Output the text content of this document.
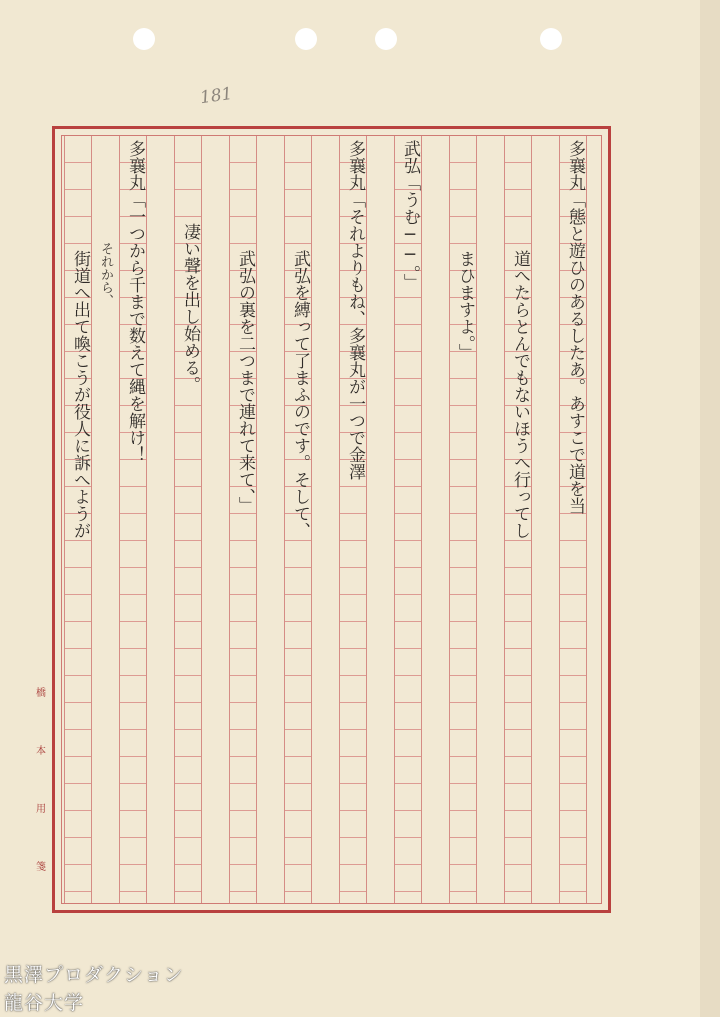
181
多襄丸「態と遊ひのあるしたあ。あすこで道を当
道へたらとんでもないほうへ行ってし
まひますよ。」
武弘「うむ──。」
多襄丸「それよりもね、多襄丸が一つで金澤
武弘を縛って了まふのです。そして、
武弘の裏を二つまで連れて来て、」
凄い聲を出し始める。
多襄丸「一つから千まで数えて縄を解け！
街道へ出て喚こうが役人に訴へようが それから、
橋
本
用
箋
黒澤プロダクション
龍谷大学
